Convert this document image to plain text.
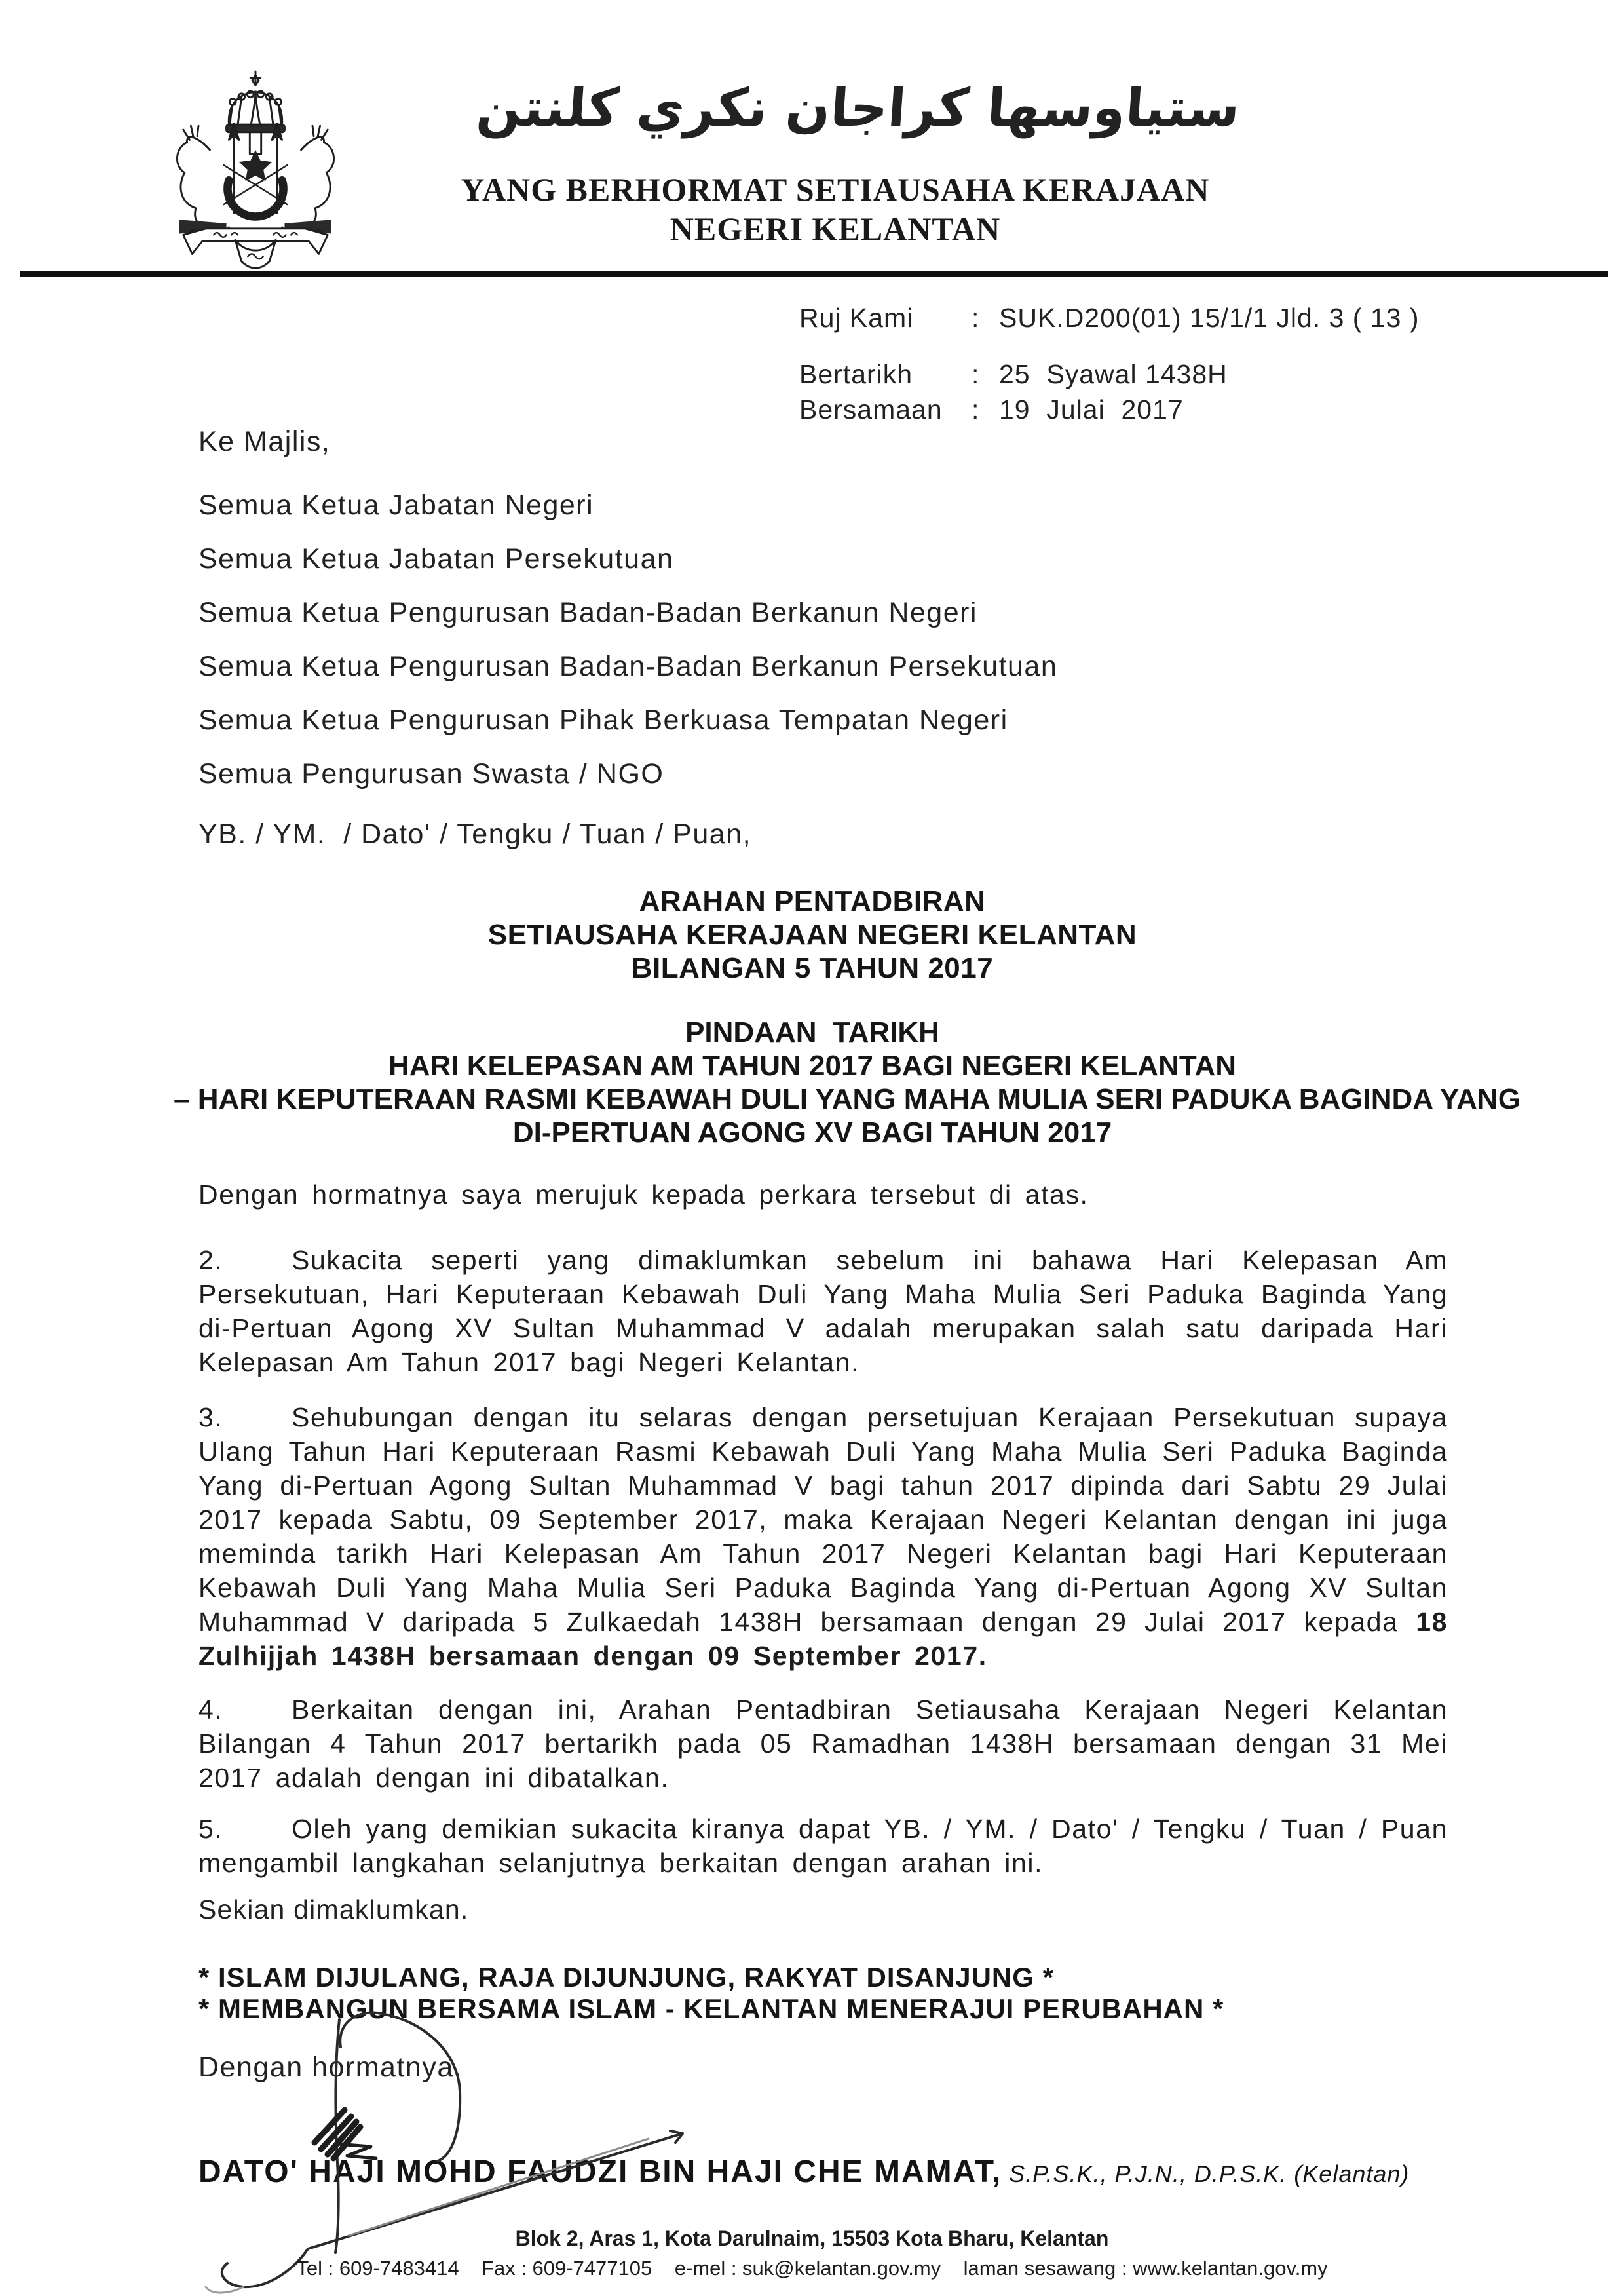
ستياوسها كراجان نكري كلنتن
YANG BERHORMAT SETIAUSAHA KERAJAAN
NEGERI KELANTAN
Ruj Kami	: SUK.D200(01) 15/1/1 Jld. 3 ( 13 )
Bertarikh	: 25  Syawal 1438H
Bersamaan	: 19  Julai  2017
Ke Majlis,
Semua Ketua Jabatan Negeri
Semua Ketua Jabatan Persekutuan
Semua Ketua Pengurusan Badan-Badan Berkanun Negeri
Semua Ketua Pengurusan Badan-Badan Berkanun Persekutuan
Semua Ketua Pengurusan Pihak Berkuasa Tempatan Negeri
Semua Pengurusan Swasta / NGO
YB. / YM.  / Dato' / Tengku / Tuan / Puan,
ARAHAN PENTADBIRAN
SETIAUSAHA KERAJAAN NEGERI KELANTAN
BILANGAN 5 TAHUN 2017
PINDAAN  TARIKH
HARI KELEPASAN AM TAHUN 2017 BAGI NEGERI KELANTAN
– HARI KEPUTERAAN RASMI KEBAWAH DULI YANG MAHA MULIA SERI PADUKA BAGINDA YANG
DI-PERTUAN AGONG XV BAGI TAHUN 2017
Dengan hormatnya saya merujuk kepada perkara tersebut di atas.
2.	Sukacita seperti yang dimaklumkan sebelum ini bahawa Hari Kelepasan Am Persekutuan, Hari Keputeraan Kebawah Duli Yang Maha Mulia Seri Paduka Baginda Yang di-Pertuan Agong XV Sultan Muhammad V adalah merupakan salah satu daripada Hari Kelepasan Am Tahun 2017 bagi Negeri Kelantan.
3.	Sehubungan dengan itu selaras dengan persetujuan Kerajaan Persekutuan supaya Ulang Tahun Hari Keputeraan Rasmi Kebawah Duli Yang Maha Mulia Seri Paduka Baginda Yang di-Pertuan Agong Sultan Muhammad V bagi tahun 2017 dipinda dari Sabtu 29 Julai 2017 kepada Sabtu, 09 September 2017, maka Kerajaan Negeri Kelantan dengan ini juga meminda tarikh Hari Kelepasan Am Tahun 2017 Negeri Kelantan bagi Hari Keputeraan Kebawah Duli Yang Maha Mulia Seri Paduka Baginda Yang di-Pertuan Agong XV Sultan Muhammad V daripada 5 Zulkaedah 1438H bersamaan dengan 29 Julai 2017 kepada 18 Zulhijjah 1438H bersamaan dengan 09 September 2017.
4.	Berkaitan dengan ini, Arahan Pentadbiran Setiausaha Kerajaan Negeri Kelantan Bilangan 4 Tahun 2017 bertarikh pada 05 Ramadhan 1438H bersamaan dengan 31 Mei 2017 adalah dengan ini dibatalkan.
5.	Oleh yang demikian sukacita kiranya dapat YB. / YM. / Dato' / Tengku / Tuan / Puan mengambil langkahan selanjutnya berkaitan dengan arahan ini.
Sekian dimaklumkan.
* ISLAM DIJULANG, RAJA DIJUNJUNG, RAKYAT DISANJUNG *
* MEMBANGUN BERSAMA ISLAM - KELANTAN MENERAJUI PERUBAHAN *
Dengan hormatnya,
DATO' HAJI MOHD FAUDZI BIN HAJI CHE MAMAT, S.P.S.K., P.J.N., D.P.S.K. (Kelantan)
Blok 2, Aras 1, Kota Darulnaim, 15503 Kota Bharu, Kelantan
Tel : 609-7483414    Fax : 609-7477105    e-mel : suk@kelantan.gov.my    laman sesawang : www.kelantan.gov.my
